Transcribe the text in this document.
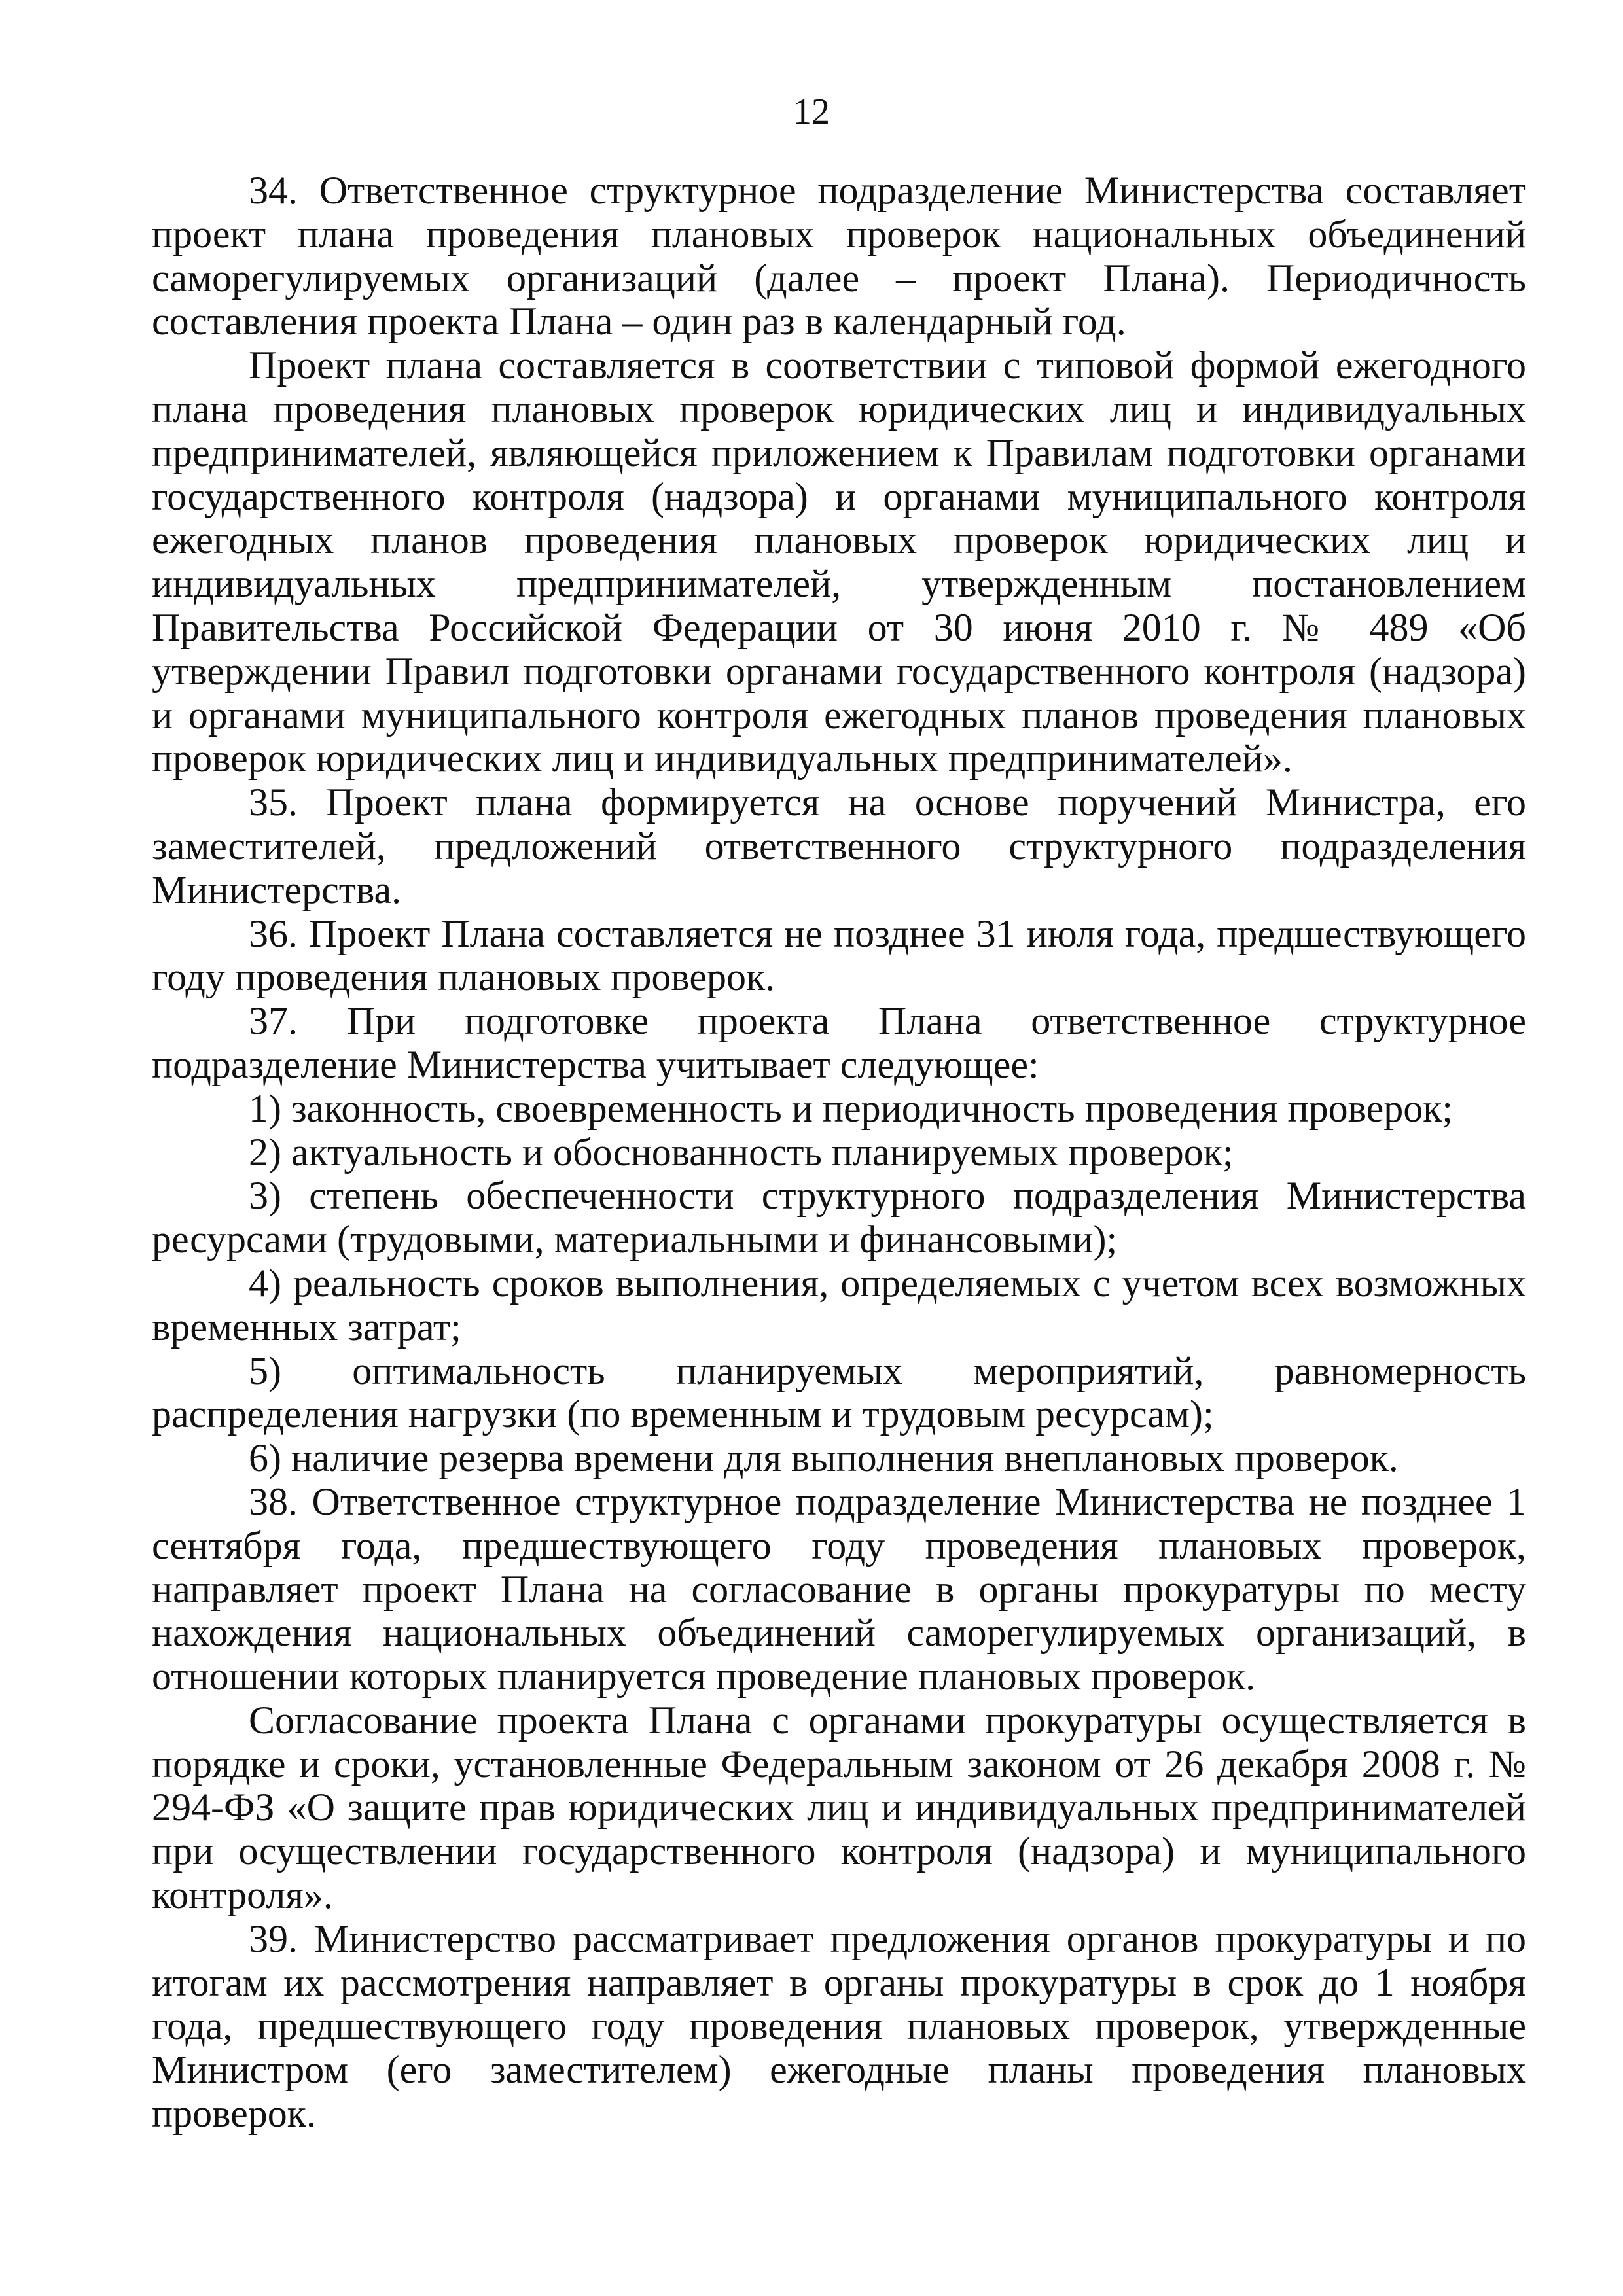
12

34. Ответственное структурное подразделение Министерства составляет проект плана проведения плановых проверок национальных объединений саморегулируемых организаций (далее – проект Плана). Периодичность составления проекта Плана – один раз в календарный год.

Проект плана составляется в соответствии с типовой формой ежегодного плана проведения плановых проверок юридических лиц и индивидуальных предпринимателей, являющейся приложением к Правилам подготовки органами государственного контроля (надзора) и органами муниципального контроля ежегодных планов проведения плановых проверок юридических лиц и индивидуальных предпринимателей, утвержденным постановлением Правительства Российской Федерации от 30 июня 2010 г. № 489 «Об утверждении Правил подготовки органами государственного контроля (надзора) и органами муниципального контроля ежегодных планов проведения плановых проверок юридических лиц и индивидуальных предпринимателей».

35. Проект плана формируется на основе поручений Министра, его заместителей, предложений ответственного структурного подразделения Министерства.

36. Проект Плана составляется не позднее 31 июля года, предшествующего году проведения плановых проверок.

37. При подготовке проекта Плана ответственное структурное подразделение Министерства учитывает следующее:

1) законность, своевременность и периодичность проведения проверок;

2) актуальность и обоснованность планируемых проверок;

3) степень обеспеченности структурного подразделения Министерства ресурсами (трудовыми, материальными и финансовыми);

4) реальность сроков выполнения, определяемых с учетом всех возможных временных затрат;

5) оптимальность планируемых мероприятий, равномерность распределения нагрузки (по временным и трудовым ресурсам);

6) наличие резерва времени для выполнения внеплановых проверок.

38. Ответственное структурное подразделение Министерства не позднее 1 сентября года, предшествующего году проведения плановых проверок, направляет проект Плана на согласование в органы прокуратуры по месту нахождения национальных объединений саморегулируемых организаций, в отношении которых планируется проведение плановых проверок.

Согласование проекта Плана с органами прокуратуры осуществляется в порядке и сроки, установленные Федеральным законом от 26 декабря 2008 г. № 294-ФЗ «О защите прав юридических лиц и индивидуальных предпринимателей при осуществлении государственного контроля (надзора) и муниципального контроля».

39. Министерство рассматривает предложения органов прокуратуры и по итогам их рассмотрения направляет в органы прокуратуры в срок до 1 ноября года, предшествующего году проведения плановых проверок, утвержденные Министром (его заместителем) ежегодные планы проведения плановых проверок.
